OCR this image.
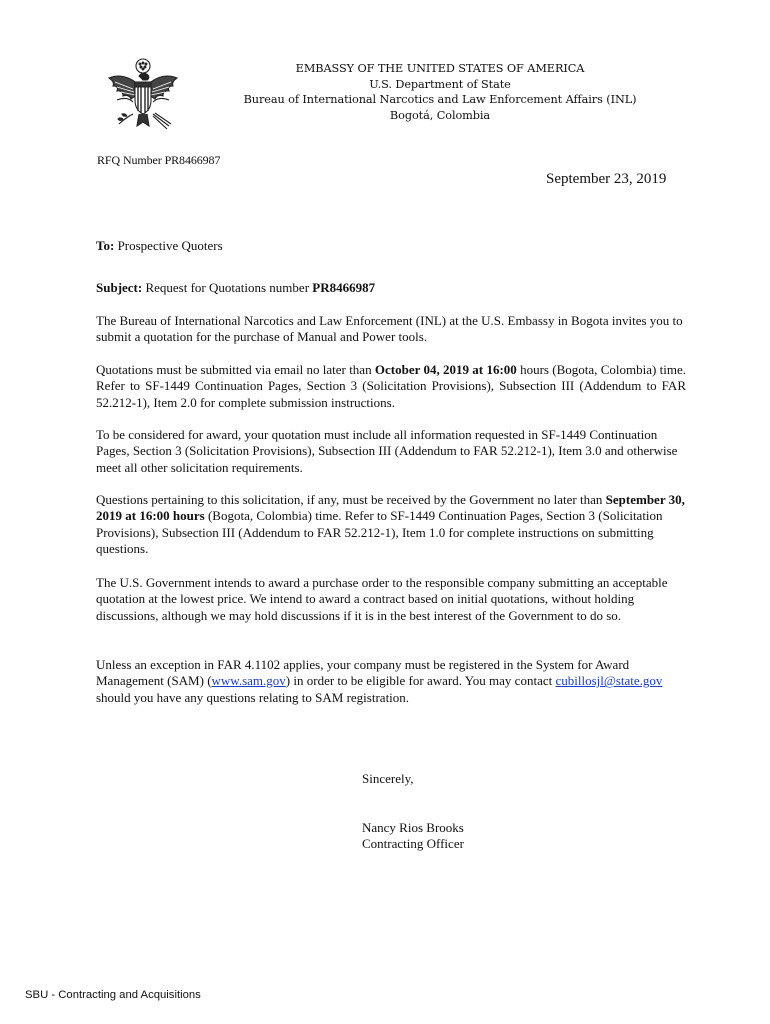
EMBASSY OF THE UNITED STATES OF AMERICA
U.S. Department of State
Bureau of International Narcotics and Law Enforcement Affairs (INL)
Bogotá, Colombia
RFQ Number PR8466987
September 23, 2019

To: Prospective Quoters

Subject: Request for Quotations number PR8466987

The Bureau of International Narcotics and Law Enforcement (INL) at the U.S. Embassy in Bogota invites you to submit a quotation for the purchase of Manual and Power tools.

Quotations must be submitted via email no later than October 04, 2019 at 16:00 hours (Bogota, Colombia) time. Refer to SF-1449 Continuation Pages, Section 3 (Solicitation Provisions), Subsection III (Addendum to FAR 52.212-1), Item 2.0 for complete submission instructions.

To be considered for award, your quotation must include all information requested in SF-1449 Continuation Pages, Section 3 (Solicitation Provisions), Subsection III (Addendum to FAR 52.212-1), Item 3.0 and otherwise meet all other solicitation requirements.

Questions pertaining to this solicitation, if any, must be received by the Government no later than September 30, 2019 at 16:00 hours (Bogota, Colombia) time. Refer to SF-1449 Continuation Pages, Section 3 (Solicitation Provisions), Subsection III (Addendum to FAR 52.212-1), Item 1.0 for complete instructions on submitting questions.

The U.S. Government intends to award a purchase order to the responsible company submitting an acceptable quotation at the lowest price. We intend to award a contract based on initial quotations, without holding discussions, although we may hold discussions if it is in the best interest of the Government to do so.

Unless an exception in FAR 4.1102 applies, your company must be registered in the System for Award Management (SAM) (www.sam.gov) in order to be eligible for award. You may contact cubillosjl@state.gov should you have any questions relating to SAM registration.

Sincerely,
Nancy Rios Brooks
Contracting Officer
SBU - Contracting and Acquisitions
